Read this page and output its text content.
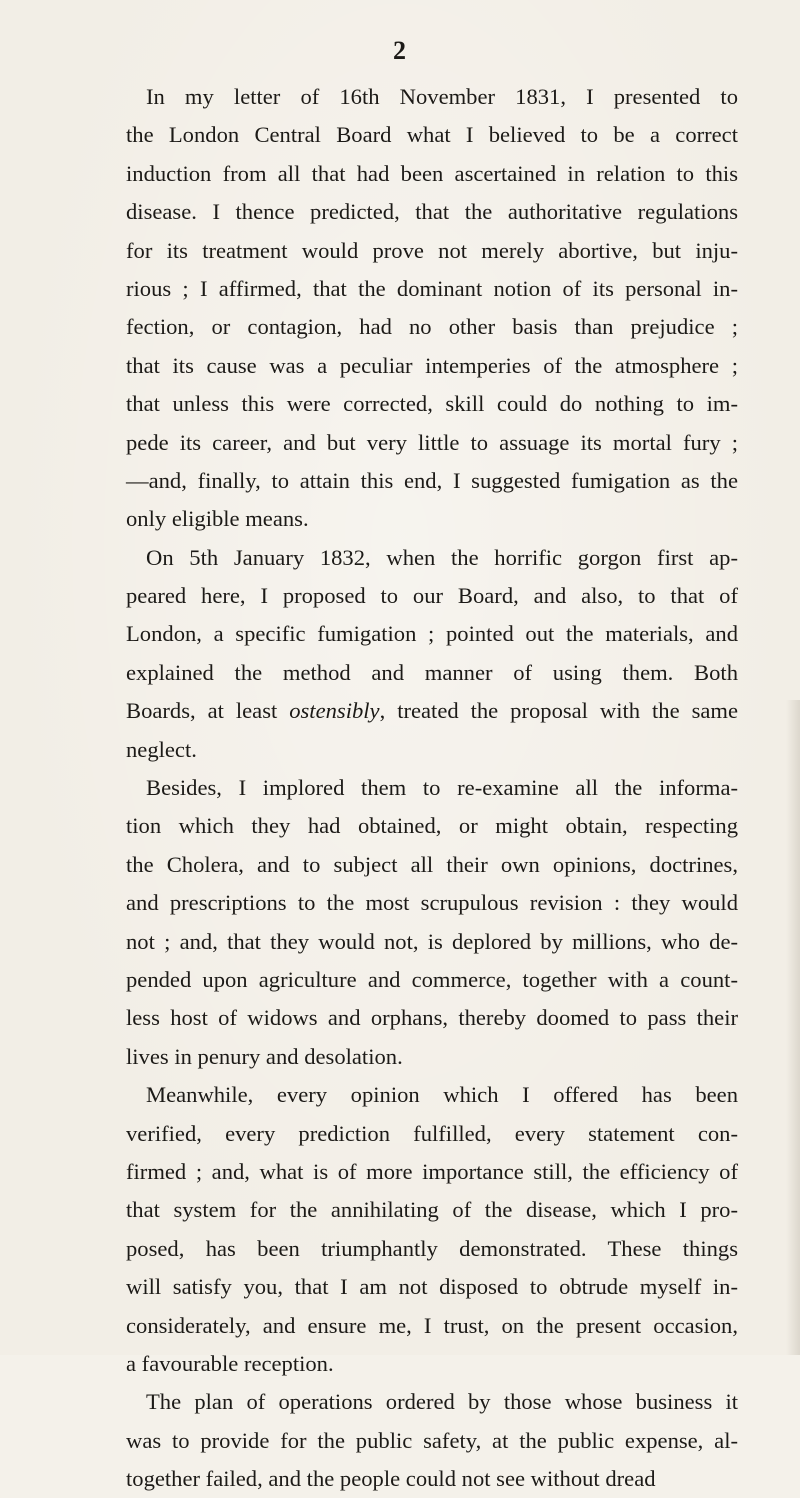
2
In my letter of 16th November 1831, I presented to
the London Central Board what I believed to be a correct
induction from all that had been ascertained in relation to this
disease. I thence predicted, that the authoritative regulations
for its treatment would prove not merely abortive, but inju-
rious ; I affirmed, that the dominant notion of its personal in-
fection, or contagion, had no other basis than prejudice ;
that its cause was a peculiar intemperies of the atmosphere ;
that unless this were corrected, skill could do nothing to im-
pede its career, and but very little to assuage its mortal fury ;
—and, finally, to attain this end, I suggested fumigation as the
only eligible means.
On 5th January 1832, when the horrific gorgon first ap-
peared here, I proposed to our Board, and also, to that of
London, a specific fumigation ; pointed out the materials, and
explained the method and manner of using them. Both
Boards, at least ostensibly, treated the proposal with the same
neglect.
Besides, I implored them to re-examine all the informa-
tion which they had obtained, or might obtain, respecting
the Cholera, and to subject all their own opinions, doctrines,
and prescriptions to the most scrupulous revision : they would
not ; and, that they would not, is deplored by millions, who de-
pended upon agriculture and commerce, together with a count-
less host of widows and orphans, thereby doomed to pass their
lives in penury and desolation.
Meanwhile, every opinion which I offered has been
verified, every prediction fulfilled, every statement con-
firmed ; and, what is of more importance still, the efficiency of
that system for the annihilating of the disease, which I pro-
posed, has been triumphantly demonstrated. These things
will satisfy you, that I am not disposed to obtrude myself in-
considerately, and ensure me, I trust, on the present occasion,
a favourable reception.
The plan of operations ordered by those whose business it
was to provide for the public safety, at the public expense, al-
together failed, and the people could not see without dread
